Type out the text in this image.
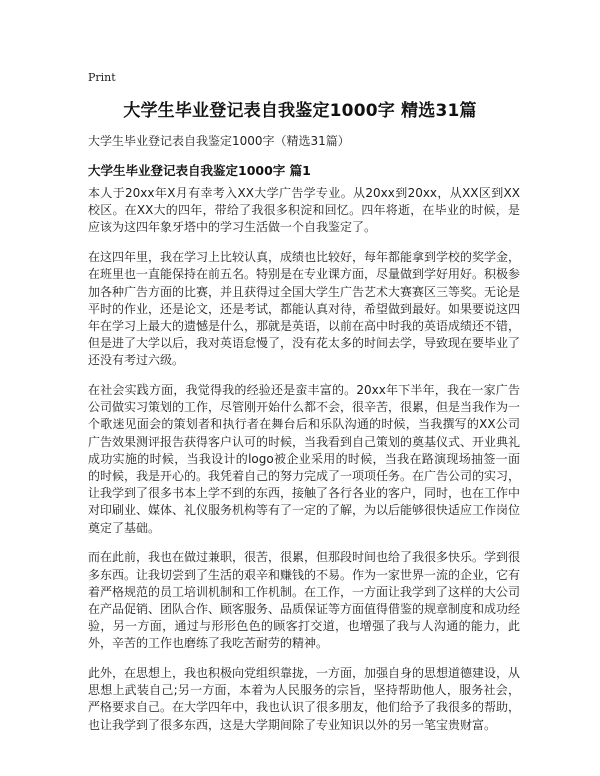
Print
大学生毕业登记表自我鉴定1000字 精选31篇
大学生毕业登记表自我鉴定1000字（精选31篇）
大学生毕业登记表自我鉴定1000字 篇1

本人于20xx年X月有幸考入XX大学广告学专业。从20xx到20xx，从XX区到XX校区。在XX大的四年，带给了我很多积淀和回忆。四年将逝，在毕业的时候，是应该为这四年象牙塔中的学习生活做一个自我鉴定了。

在这四年里，我在学习上比较认真，成绩也比较好，每年都能拿到学校的奖学金，在班里也一直能保持在前五名。特别是在专业课方面，尽量做到学好用好。积极参加各种广告方面的比赛，并且获得过全国大学生广告艺术大赛赛区三等奖。无论是平时的作业，还是论文，还是考试，都能认真对待，希望做到最好。如果要说这四年在学习上最大的遗憾是什么，那就是英语，以前在高中时我的英语成绩还不错，但是进了大学以后，我对英语怠慢了，没有花太多的时间去学，导致现在要毕业了还没有考过六级。

在社会实践方面，我觉得我的经验还是蛮丰富的。20xx年下半年，我在一家广告公司做实习策划的工作，尽管刚开始什么都不会，很辛苦，很累，但是当我作为一个歌迷见面会的策划者和执行者在舞台后和乐队沟通的时候，当我撰写的XX公司广告效果测评报告获得客户认可的时候，当我看到自己策划的奠基仪式、开业典礼成功实施的时候，当我设计的logo被企业采用的时候，当我在路演现场抽签一面的时候，我是开心的。我凭着自己的努力完成了一项项任务。在广告公司的实习，让我学到了很多书本上学不到的东西，接触了各行各业的客户，同时，也在工作中对印刷业、媒体、礼仪服务机构等有了一定的了解，为以后能够很快适应工作岗位奠定了基础。

而在此前，我也在做过兼职，很苦，很累，但那段时间也给了我很多快乐。学到很多东西。让我切尝到了生活的艰辛和赚钱的不易。作为一家世界一流的企业，它有着严格规范的员工培训机制和工作机制。在工作，一方面让我学到了这样的大公司在产品促销、团队合作、顾客服务、品质保证等方面值得借鉴的规章制度和成功经验，另一方面，通过与形形色色的顾客打交道，也增强了我与人沟通的能力，此外，辛苦的工作也磨练了我吃苦耐劳的精神。

此外，在思想上，我也积极向党组织靠拢，一方面，加强自身的思想道德建设，从思想上武装自己;另一方面，本着为人民服务的宗旨，坚持帮助他人，服务社会，严格要求自己。在大学四年中，我也认识了很多朋友，他们给予了我很多的帮助，也让我学到了很多东西，这是大学期间除了专业知识以外的另一笔宝贵财富。
